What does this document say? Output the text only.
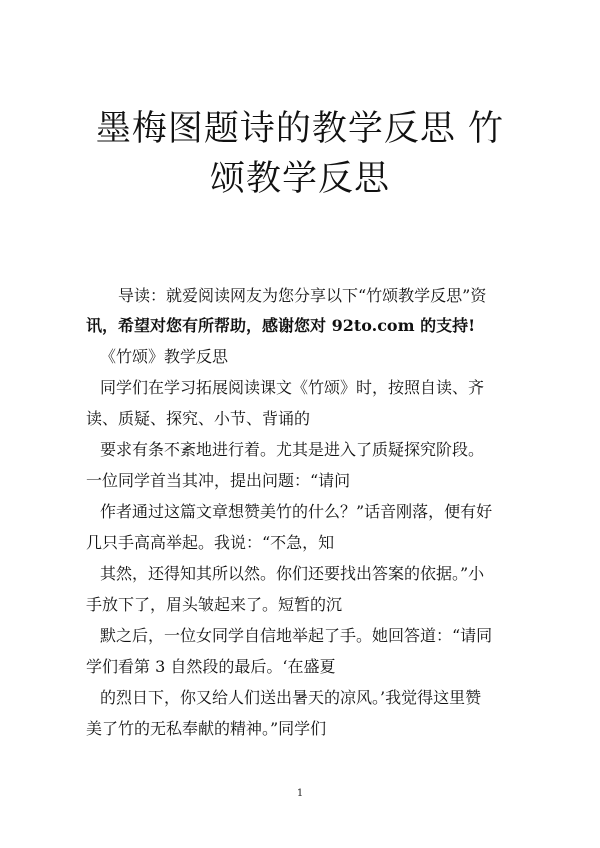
墨梅图题诗的教学反思 竹
颂教学反思
导读：就爱阅读网友为您分享以下“竹颂教学反思”资
讯，希望对您有所帮助，感谢您对 92to.com 的支持!
《竹颂》教学反思
同学们在学习拓展阅读课文《竹颂》时，按照自读、齐
读、质疑、探究、小节、背诵的
要求有条不紊地进行着。尤其是进入了质疑探究阶段。
一位同学首当其冲，提出问题：“请问
作者通过这篇文章想赞美竹的什么？”话音刚落，便有好
几只手高高举起。我说：“不急，知
其然，还得知其所以然。你们还要找出答案的依据。”小
手放下了，眉头皱起来了。短暂的沉
默之后，一位女同学自信地举起了手。她回答道：“请同
学们看第 3 自然段的最后。‘在盛夏
的烈日下，你又给人们送出暑天的凉风。’我觉得这里赞
美了竹的无私奉献的精神。”同学们
1
